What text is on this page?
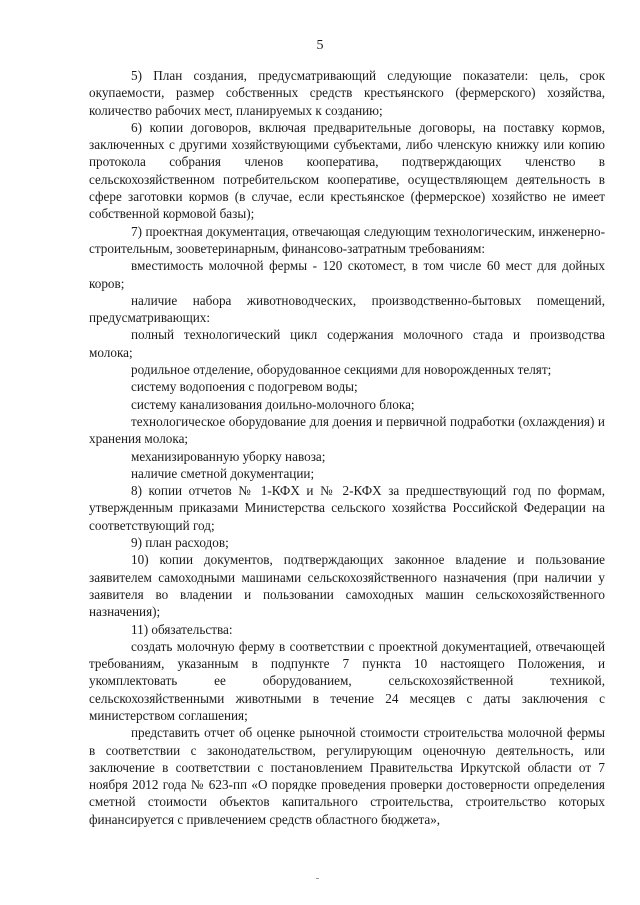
5

5) План создания, предусматривающий следующие показатели: цель, срок окупаемости, размер собственных средств крестьянского (фермерского) хозяйства, количество рабочих мест, планируемых к созданию;

6) копии договоров, включая предварительные договоры, на поставку кормов, заключенных с другими хозяйствующими субъектами, либо членскую книжку или копию протокола собрания членов кооператива, подтверждающих членство в сельскохозяйственном потребительском кооперативе, осуществляющем деятельность в сфере заготовки кормов (в случае, если крестьянское (фермерское) хозяйство не имеет собственной кормовой базы);

7) проектная документация, отвечающая следующим технологическим, инженерно-строительным, зооветеринарным, финансово-затратным требованиям:

вместимость молочной фермы - 120 скотомест, в том числе 60 мест для дойных коров;

наличие набора животноводческих, производственно-бытовых помещений, предусматривающих:

полный технологический цикл содержания молочного стада и производства молока;

родильное отделение, оборудованное секциями для новорожденных телят;

систему водопоения с подогревом воды;

систему канализования доильно-молочного блока;

технологическое оборудование для доения и первичной подработки (охлаждения) и хранения молока;

механизированную уборку навоза;

наличие сметной документации;

8) копии отчетов № 1-КФХ и № 2-КФХ за предшествующий год по формам, утвержденным приказами Министерства сельского хозяйства Российской Федерации на соответствующий год;

9) план расходов;

10) копии документов, подтверждающих законное владение и пользование заявителем самоходными машинами сельскохозяйственного назначения (при наличии у заявителя во владении и пользовании самоходных машин сельскохозяйственного назначения);

11) обязательства:

создать молочную ферму в соответствии с проектной документацией, отвечающей требованиям, указанным в подпункте 7 пункта 10 настоящего Положения, и укомплектовать ее оборудованием, сельскохозяйственной техникой, сельскохозяйственными животными в течение 24 месяцев с даты заключения с министерством соглашения;

представить отчет об оценке рыночной стоимости строительства молочной фермы в соответствии с законодательством, регулирующим оценочную деятельность, или заключение в соответствии с постановлением Правительства Иркутской области от 7 ноября 2012 года № 623-пп «О порядке проведения проверки достоверности определения сметной стоимости объектов капитального строительства, строительство которых финансируется с привлечением средств областного бюджета»,
